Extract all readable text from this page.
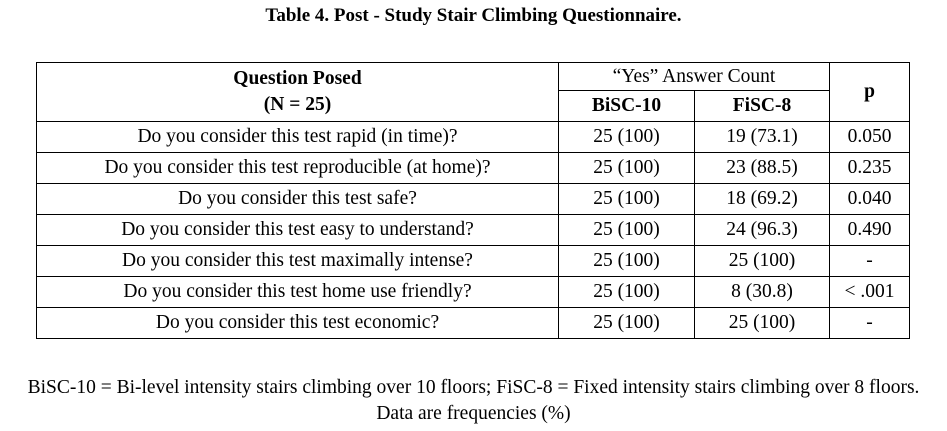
Table 4. Post - Study Stair Climbing Questionnaire.
Question Posed
(N = 25)	“Yes” Answer Count		p
	BiSC-10	FiSC-8	
Do you consider this test rapid (in time)?	25 (100)	19 (73.1)	0.050
Do you consider this test reproducible (at home)?	25 (100)	23 (88.5)	0.235
Do you consider this test safe?	25 (100)	18 (69.2)	0.040
Do you consider this test easy to understand?	25 (100)	24 (96.3)	0.490
Do you consider this test maximally intense?	25 (100)	25 (100)	-
Do you consider this test home use friendly?	25 (100)	8 (30.8)	< .001
Do you consider this test economic?	25 (100)	25 (100)	-
BiSC-10 = Bi-level intensity stairs climbing over 10 floors; FiSC-8 = Fixed intensity stairs climbing over 8 floors.
Data are frequencies (%)
